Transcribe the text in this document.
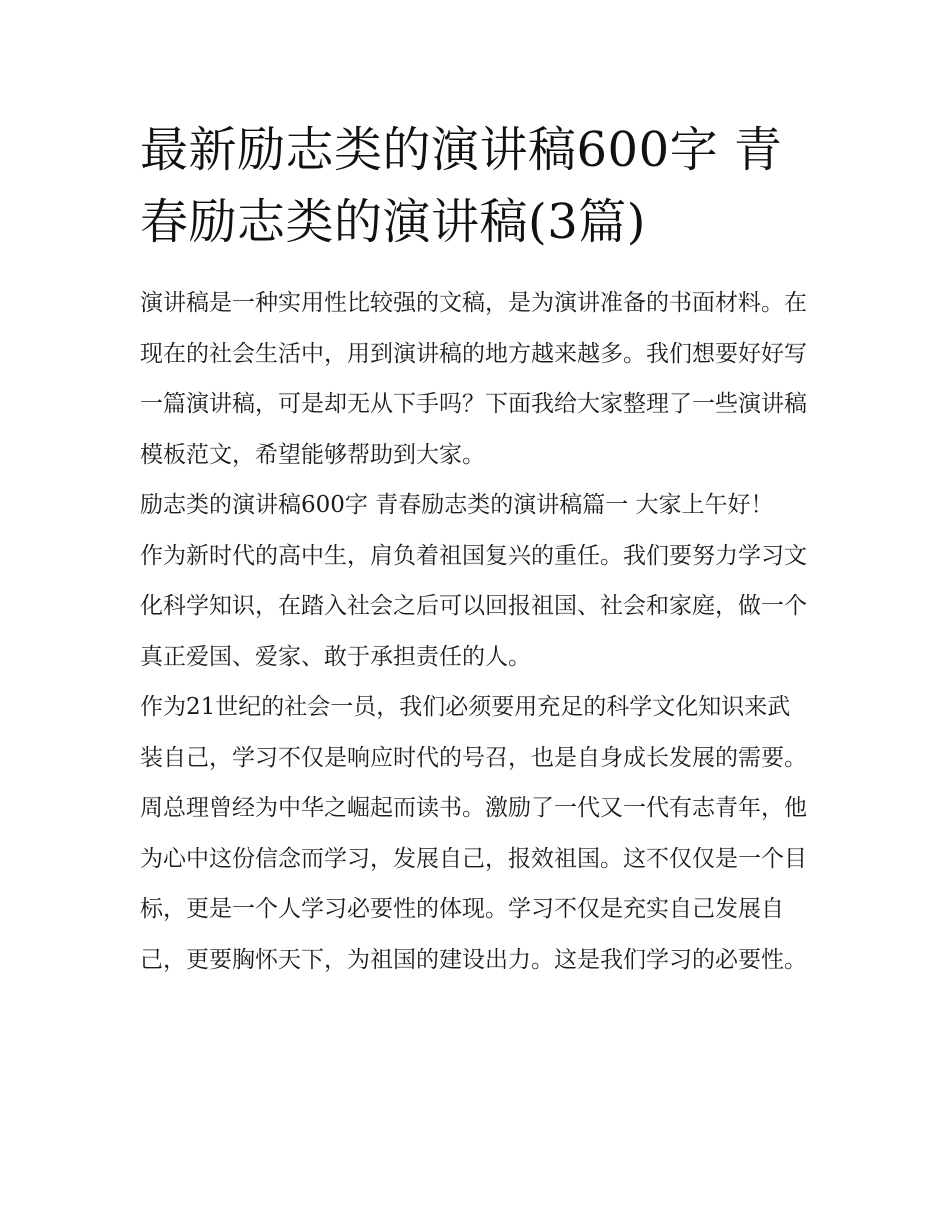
最新励志类的演讲稿600字 青春励志类的演讲稿(3篇)

演讲稿是一种实用性比较强的文稿，是为演讲准备的书面材料。在现在的社会生活中，用到演讲稿的地方越来越多。我们想要好好写一篇演讲稿，可是却无从下手吗？下面我给大家整理了一些演讲稿模板范文，希望能够帮助到大家。

励志类的演讲稿600字 青春励志类的演讲稿篇一 大家上午好！

作为新时代的高中生，肩负着祖国复兴的重任。我们要努力学习文化科学知识，在踏入社会之后可以回报祖国、社会和家庭，做一个真正爱国、爱家、敢于承担责任的人。

作为21世纪的社会一员，我们必须要用充足的科学文化知识来武装自己，学习不仅是响应时代的号召，也是自身成长发展的需要。周总理曾经为中华之崛起而读书。激励了一代又一代有志青年，他为心中这份信念而学习，发展自己，报效祖国。这不仅仅是一个目标，更是一个人学习必要性的体现。学习不仅是充实自己发展自己，更要胸怀天下，为祖国的建设出力。这是我们学习的必要性。
